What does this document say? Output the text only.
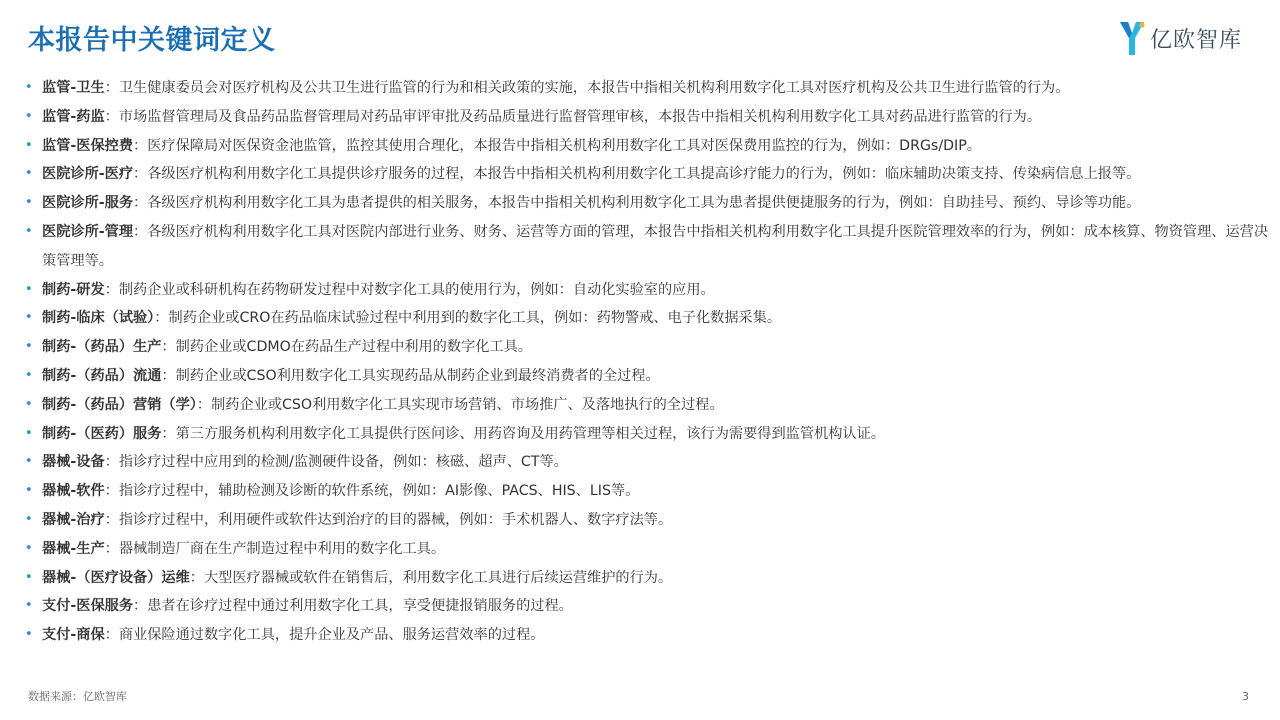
本报告中关键词定义	亿欧智库
• 监管-卫生：卫生健康委员会对医疗机构及公共卫生进行监管的行为和相关政策的实施，本报告中指相关机构利用数字化工具对医疗机构及公共卫生进行监管的行为。
• 监管-药监：市场监督管理局及食品药品监督管理局对药品审评审批及药品质量进行监督管理审核，本报告中指相关机构利用数字化工具对药品进行监管的行为。
• 监管-医保控费：医疗保障局对医保资金池监管，监控其使用合理化，本报告中指相关机构利用数字化工具对医保费用监控的行为，例如：DRGs/DIP。
• 医院诊所-医疗：各级医疗机构利用数字化工具提供诊疗服务的过程，本报告中指相关机构利用数字化工具提高诊疗能力的行为，例如：临床辅助决策支持、传染病信息上报等。
• 医院诊所-服务：各级医疗机构利用数字化工具为患者提供的相关服务，本报告中指相关机构利用数字化工具为患者提供便捷服务的行为，例如：自助挂号、预约、导诊等功能。
• 医院诊所-管理：各级医疗机构利用数字化工具对医院内部进行业务、财务、运营等方面的管理，本报告中指相关机构利用数字化工具提升医院管理效率的行为，例如：成本核算、物资管理、运营决策管理等。
• 制药-研发：制药企业或科研机构在药物研发过程中对数字化工具的使用行为，例如：自动化实验室的应用。
• 制药-临床（试验）：制药企业或CRO在药品临床试验过程中利用到的数字化工具，例如：药物警戒、电子化数据采集。
• 制药-（药品）生产：制药企业或CDMO在药品生产过程中利用的数字化工具。
• 制药-（药品）流通：制药企业或CSO利用数字化工具实现药品从制药企业到最终消费者的全过程。
• 制药-（药品）营销（学）：制药企业或CSO利用数字化工具实现市场营销、市场推广、及落地执行的全过程。
• 制药-（医药）服务：第三方服务机构利用数字化工具提供行医问诊、用药咨询及用药管理等相关过程，该行为需要得到监管机构认证。
• 器械-设备：指诊疗过程中应用到的检测/监测硬件设备，例如：核磁、超声、CT等。
• 器械-软件：指诊疗过程中，辅助检测及诊断的软件系统，例如：AI影像、PACS、HIS、LIS等。
• 器械-治疗：指诊疗过程中，利用硬件或软件达到治疗的目的器械，例如：手术机器人、数字疗法等。
• 器械-生产：器械制造厂商在生产制造过程中利用的数字化工具。
• 器械-（医疗设备）运维：大型医疗器械或软件在销售后，利用数字化工具进行后续运营维护的行为。
• 支付-医保服务：患者在诊疗过程中通过利用数字化工具，享受便捷报销服务的过程。
• 支付-商保：商业保险通过数字化工具，提升企业及产品、服务运营效率的过程。
数据来源：亿欧智库	3
